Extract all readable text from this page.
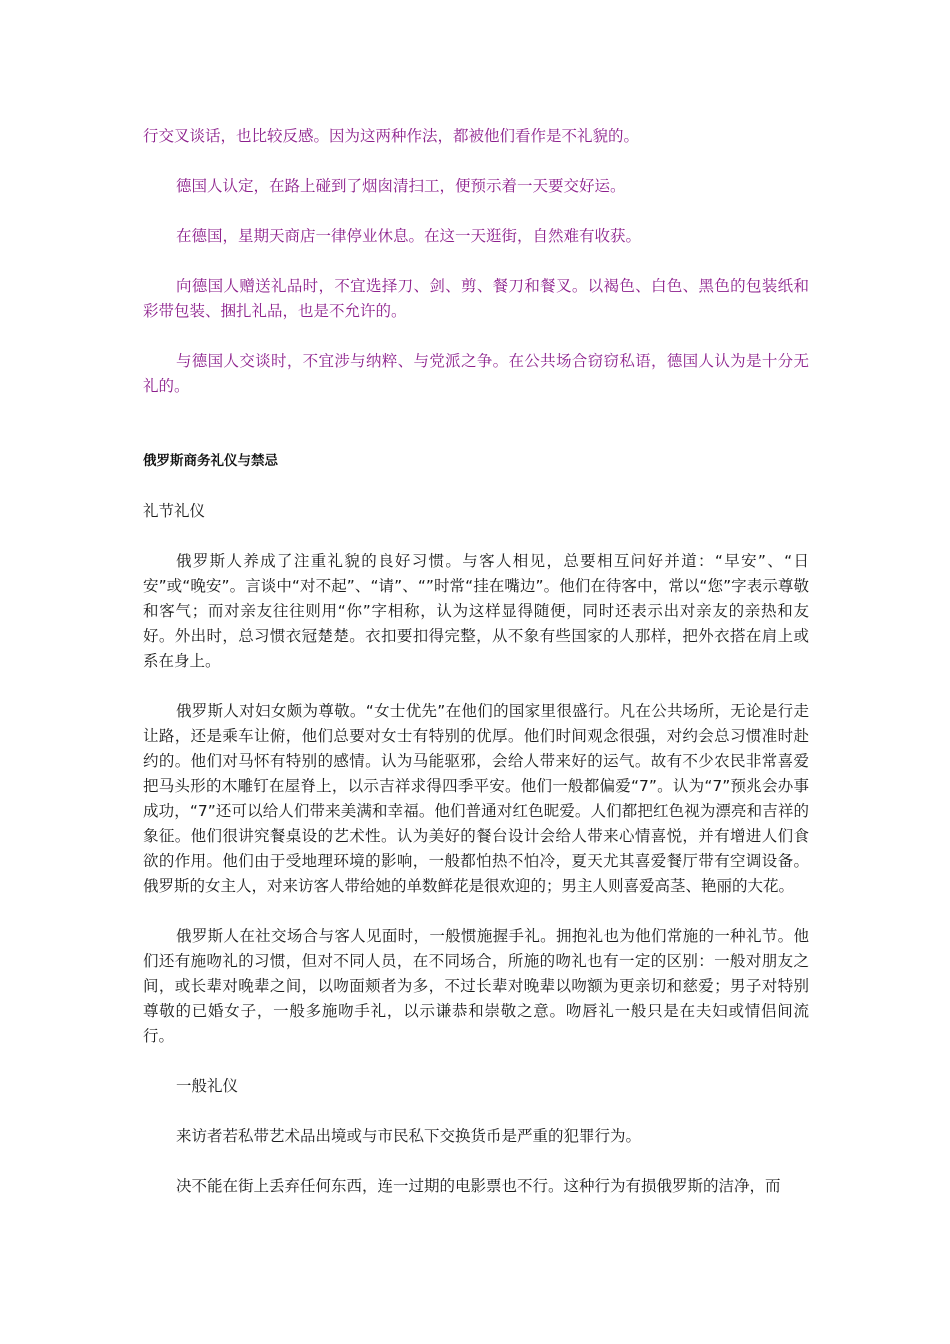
行交叉谈话，也比较反感。因为这两种作法，都被他们看作是不礼貌的。

德国人认定，在路上碰到了烟囱清扫工，便预示着一天要交好运。

在德国，星期天商店一律停业休息。在这一天逛街，自然难有收获。

向德国人赠送礼品时，不宜选择刀、剑、剪、餐刀和餐叉。以褐色、白色、黑色的包装纸和彩带包装、捆扎礼品，也是不允许的。

与德国人交谈时，不宜涉与纳粹、与党派之争。在公共场合窃窃私语，德国人认为是十分无礼的。

俄罗斯商务礼仪与禁忌

礼节礼仪

俄罗斯人养成了注重礼貌的良好习惯。与客人相见，总要相互问好并道：“早安”、“日安”或“晚安”。言谈中“对不起”、“请”、“”时常“挂在嘴边”。他们在待客中，常以“您”字表示尊敬和客气；而对亲友往往则用“你”字相称，认为这样显得随便，同时还表示出对亲友的亲热和友好。外出时，总习惯衣冠楚楚。衣扣要扣得完整，从不象有些国家的人那样，把外衣搭在肩上或系在身上。

俄罗斯人对妇女颇为尊敬。“女士优先”在他们的国家里很盛行。凡在公共场所，无论是行走让路，还是乘车让俯，他们总要对女士有特别的优厚。他们时间观念很强，对约会总习惯准时赴约的。他们对马怀有特别的感情。认为马能驱邪，会给人带来好的运气。故有不少农民非常喜爱把马头形的木雕钉在屋脊上，以示吉祥求得四季平安。他们一般都偏爱“7”。认为“7”预兆会办事成功，“7”还可以给人们带来美满和幸福。他们普通对红色昵爱。人们都把红色视为漂亮和吉祥的象征。他们很讲究餐桌设的艺术性。认为美好的餐台设计会给人带来心情喜悦，并有增进人们食欲的作用。他们由于受地理环境的影响，一般都怕热不怕冷，夏天尤其喜爱餐厅带有空调设备。俄罗斯的女主人，对来访客人带给她的单数鲜花是很欢迎的；男主人则喜爱高茎、艳丽的大花。

俄罗斯人在社交场合与客人见面时，一般惯施握手礼。拥抱礼也为他们常施的一种礼节。他们还有施吻礼的习惯，但对不同人员，在不同场合，所施的吻礼也有一定的区别：一般对朋友之间，或长辈对晚辈之间，以吻面颊者为多，不过长辈对晚辈以吻额为更亲切和慈爱；男子对特别尊敬的已婚女子，一般多施吻手礼，以示谦恭和崇敬之意。吻唇礼一般只是在夫妇或情侣间流行。

一般礼仪

来访者若私带艺术品出境或与市民私下交换货币是严重的犯罪行为。

决不能在街上丢弃任何东西，连一过期的电影票也不行。这种行为有损俄罗斯的洁净，而
